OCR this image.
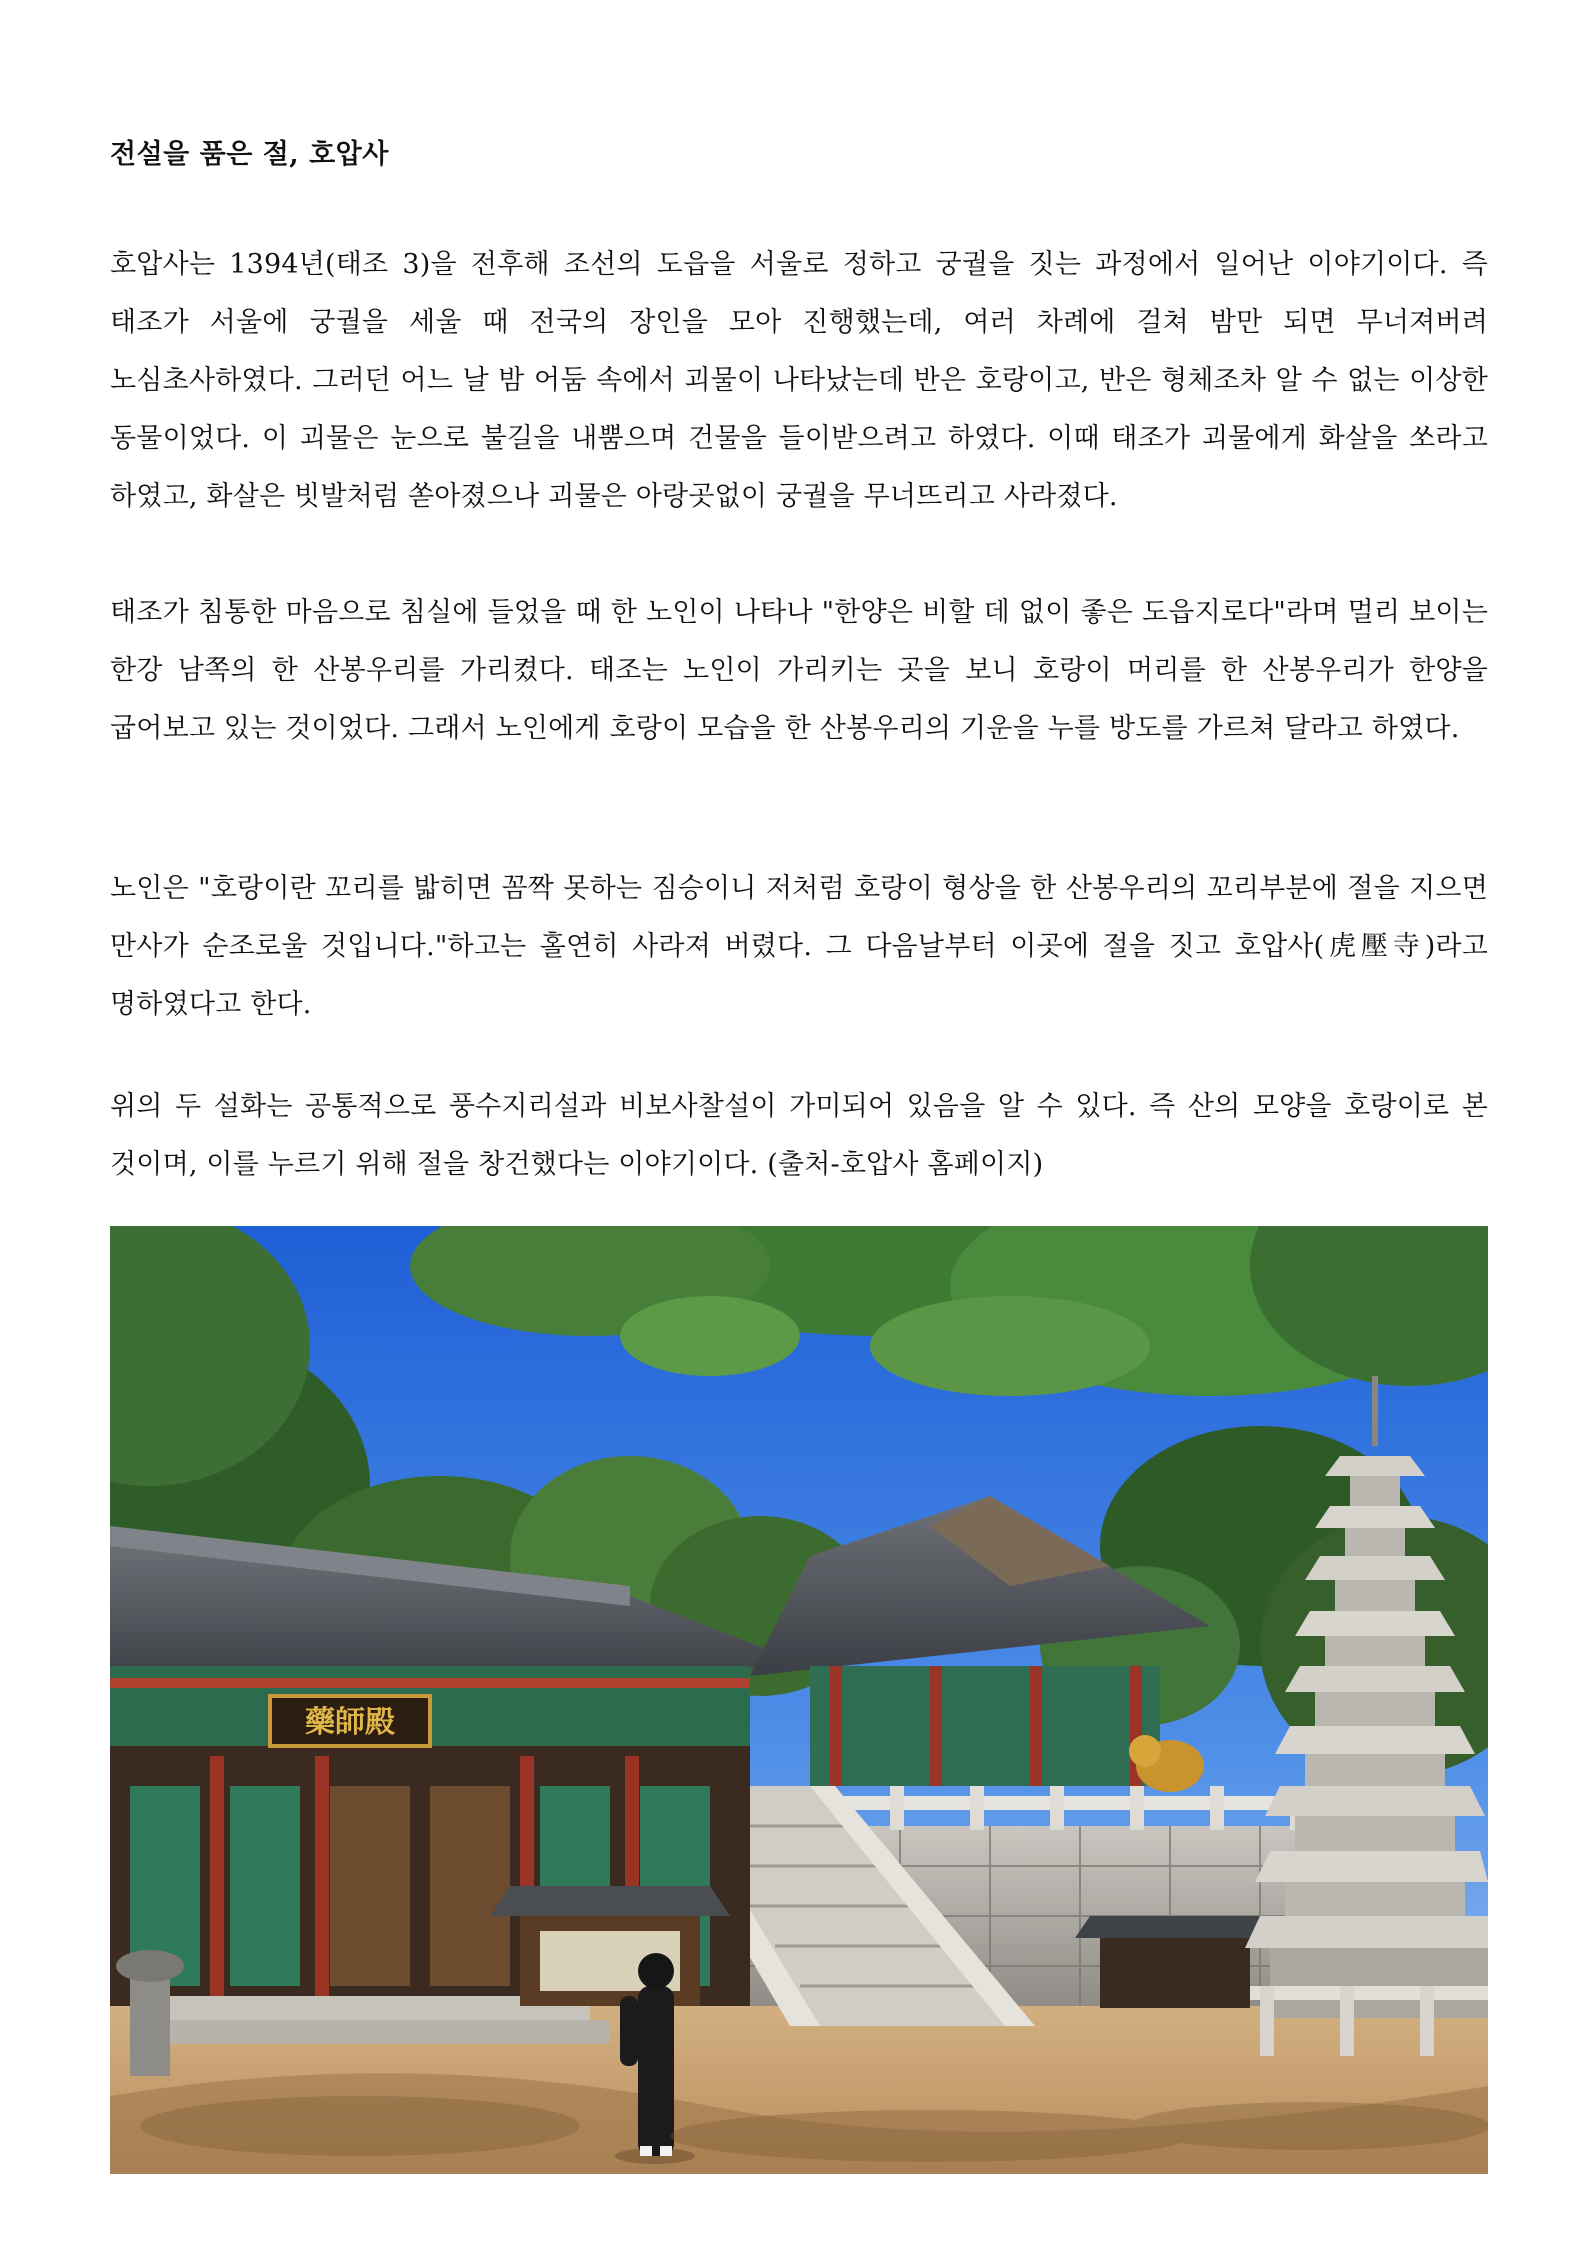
전설을 품은 절, 호압사

호압사는 1394년(태조 3)을 전후해 조선의 도읍을 서울로 정하고 궁궐을 짓는 과정에서 일어난 이야기이다. 즉 태조가 서울에 궁궐을 세울 때 전국의 장인을 모아 진행했는데, 여러 차례에 걸쳐 밤만 되면 무너져버려 노심초사하였다. 그러던 어느 날 밤 어둠 속에서 괴물이 나타났는데 반은 호랑이고, 반은 형체조차 알 수 없는 이상한 동물이었다. 이 괴물은 눈으로 불길을 내뿜으며 건물을 들이받으려고 하였다. 이때 태조가 괴물에게 화살을 쏘라고 하였고, 화살은 빗발처럼 쏟아졌으나 괴물은 아랑곳없이 궁궐을 무너뜨리고 사라졌다.

태조가 침통한 마음으로 침실에 들었을 때 한 노인이 나타나 "한양은 비할 데 없이 좋은 도읍지로다"라며 멀리 보이는 한강 남쪽의 한 산봉우리를 가리켰다. 태조는 노인이 가리키는 곳을 보니 호랑이 머리를 한 산봉우리가 한양을 굽어보고 있는 것이었다. 그래서 노인에게 호랑이 모습을 한 산봉우리의 기운을 누를 방도를 가르쳐 달라고 하였다.

노인은 "호랑이란 꼬리를 밟히면 꼼짝 못하는 짐승이니 저처럼 호랑이 형상을 한 산봉우리의 꼬리부분에 절을 지으면 만사가 순조로울 것입니다."하고는 홀연히 사라져 버렸다. 그 다음날부터 이곳에 절을 짓고 호압사(虎壓寺)라고 명하였다고 한다.

위의 두 설화는 공통적으로 풍수지리설과 비보사찰설이 가미되어 있음을 알 수 있다. 즉 산의 모양을 호랑이로 본 것이며, 이를 누르기 위해 절을 창건했다는 이야기이다. (출처-호압사 홈페이지)

藥師殿
